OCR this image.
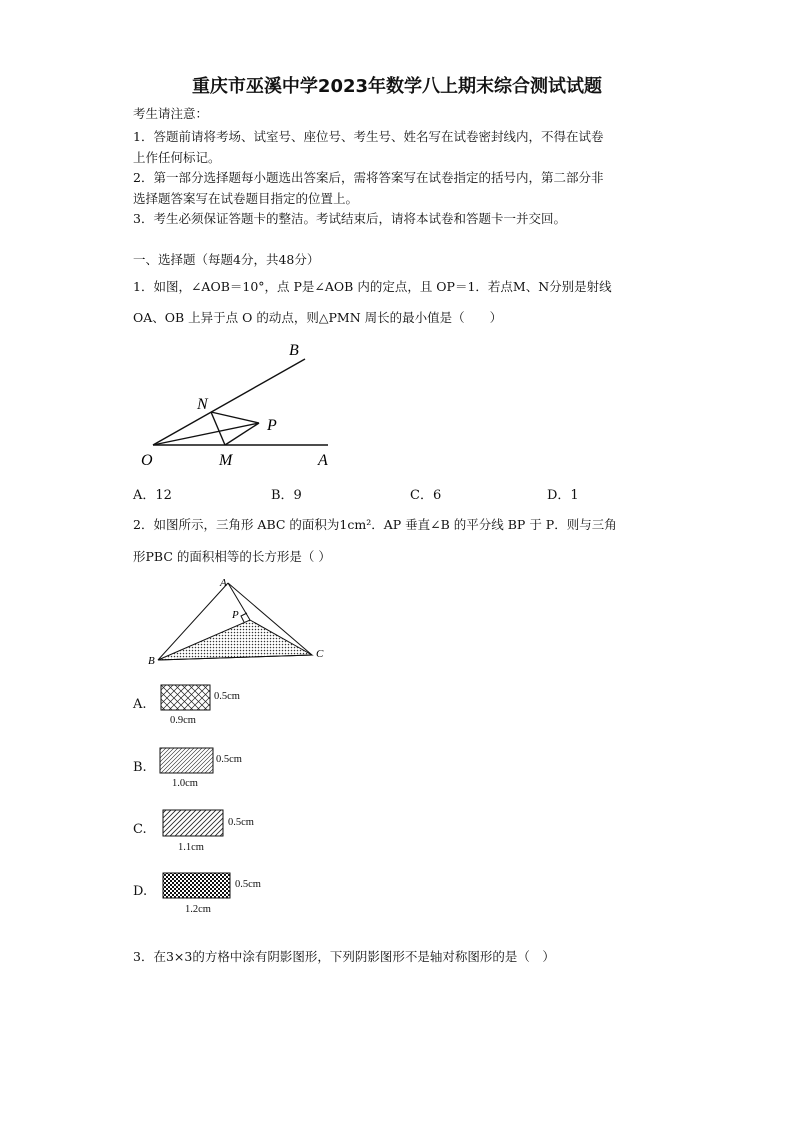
重庆市巫溪中学2023年数学八上期末综合测试试题
考生请注意：
1．答题前请将考场、试室号、座位号、考生号、姓名写在试卷密封线内，不得在试卷
上作任何标记。
2．第一部分选择题每小题选出答案后，需将答案写在试卷指定的括号内，第二部分非
选择题答案写在试卷题目指定的位置上。
3．考生必须保证答题卡的整洁。考试结束后，请将本试卷和答题卡一并交回。
一、选择题（每题4分，共48分）
1．如图，∠AOB＝10°，点 P是∠AOB 内的定点，且 OP＝1．若点M、N分别是射线
OA、OB 上异于点 O 的动点，则△PMN 周长的最小值是（　　）
B
N
P
O	M	A
A．12	B．9	C．6	D．1
2．如图所示，三角形 ABC 的面积为1cm²．AP 垂直∠B 的平分线 BP 于 P．则与三角
形PBC 的面积相等的长方形是（ ）
A
P
B
C
A.
0.5cm
0.9cm
B.
0.5cm
1.0cm
C.	0.5cm
1.1cm
D.	0.5cm
1.2cm
3．在3×3的方格中涂有阴影图形，下列阴影图形不是轴对称图形的是（　）
